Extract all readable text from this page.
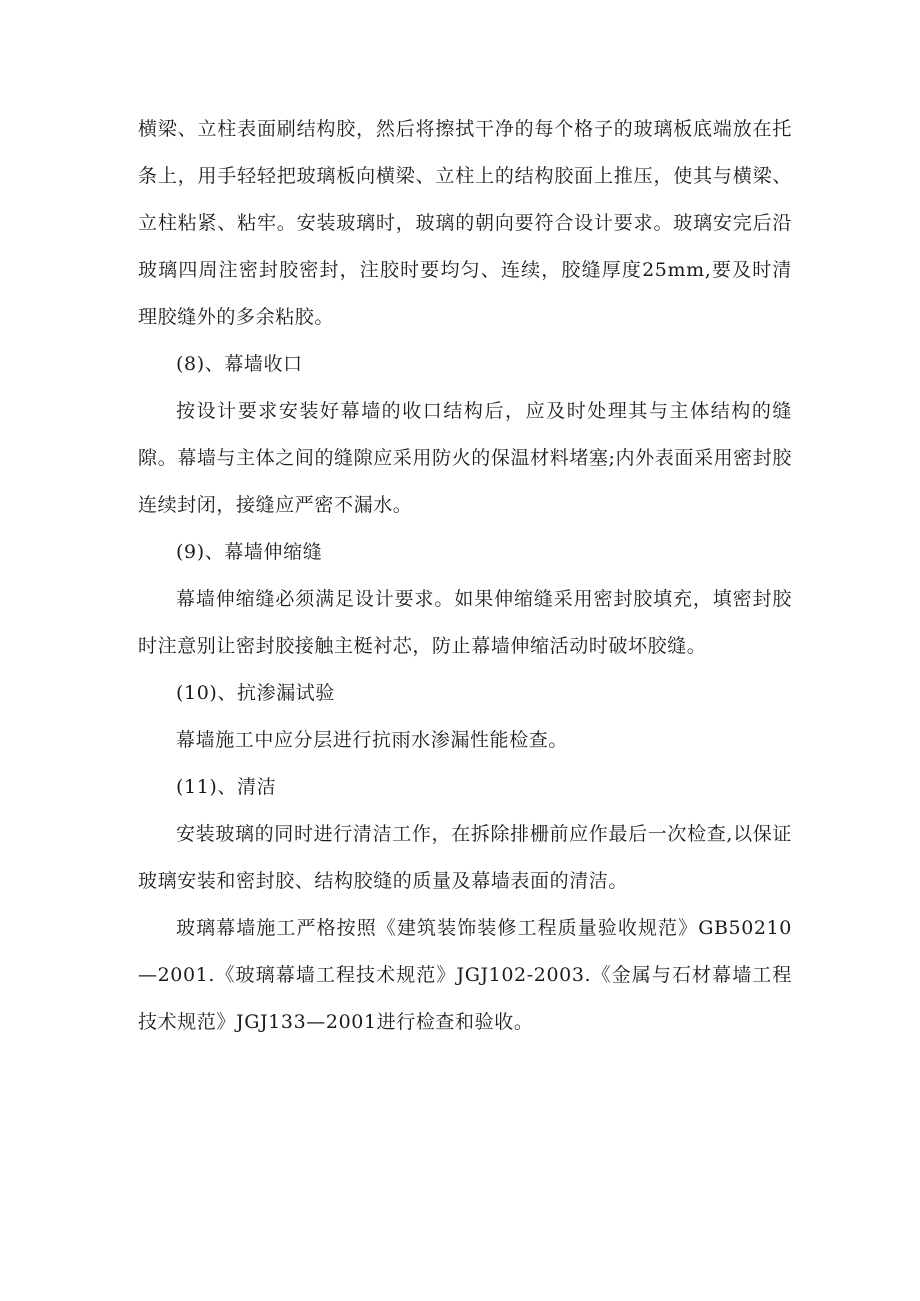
横梁、立柱表面刷结构胶，然后将擦拭干净的每个格子的玻璃板底端放在托条上，用手轻轻把玻璃板向横梁、立柱上的结构胶面上推压，使其与横梁、立柱粘紧、粘牢。安装玻璃时，玻璃的朝向要符合设计要求。玻璃安完后沿玻璃四周注密封胶密封，注胶时要均匀、连续，胶缝厚度25mm,要及时清理胶缝外的多余粘胶。

(8)、幕墙收口

按设计要求安装好幕墙的收口结构后，应及时处理其与主体结构的缝隙。幕墙与主体之间的缝隙应采用防火的保温材料堵塞;内外表面采用密封胶连续封闭，接缝应严密不漏水。

(9)、幕墙伸缩缝

幕墙伸缩缝必须满足设计要求。如果伸缩缝采用密封胶填充，填密封胶时注意别让密封胶接触主梃衬芯，防止幕墙伸缩活动时破坏胶缝。

(10)、抗渗漏试验

幕墙施工中应分层进行抗雨水渗漏性能检查。

(11)、清洁

安装玻璃的同时进行清洁工作，在拆除排栅前应作最后一次检查,以保证玻璃安装和密封胶、结构胶缝的质量及幕墙表面的清洁。

玻璃幕墙施工严格按照《建筑装饰装修工程质量验收规范》GB50210—2001.《玻璃幕墙工程技术规范》JGJ102-2003.《金属与石材幕墙工程技术规范》JGJ133—2001进行检查和验收。
